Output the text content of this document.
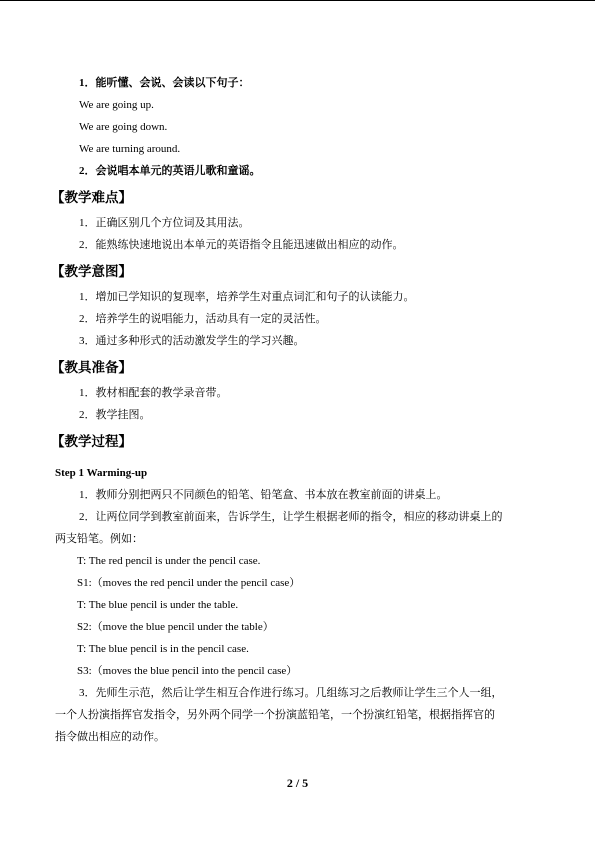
1．能听懂、会说、会读以下句子：
We are going up.
We are going down.
We are turning around.
2．会说唱本单元的英语儿歌和童谣。
【教学难点】
1．正确区别几个方位词及其用法。
2．能熟练快速地说出本单元的英语指令且能迅速做出相应的动作。
【教学意图】
1．增加已学知识的复现率，培养学生对重点词汇和句子的认读能力。
2．培养学生的说唱能力，活动具有一定的灵活性。
3．通过多种形式的活动激发学生的学习兴趣。
【教具准备】
1．教材相配套的教学录音带。
2．教学挂图。
【教学过程】
Step 1 Warming-up
1．教师分别把两只不同颜色的铅笔、铅笔盒、书本放在教室前面的讲桌上。
2．让两位同学到教室前面来，告诉学生，让学生根据老师的指令，相应的移动讲桌上的
两支铅笔。例如：
T: The red pencil is under the pencil case.
S1:（moves the red pencil under the pencil case）
T: The blue pencil is under the table.
S2:（move the blue pencil under the table）
T: The blue pencil is in the pencil case.
S3:（moves the blue pencil into the pencil case）
3．先师生示范，然后让学生相互合作进行练习。几组练习之后教师让学生三个人一组，
一个人扮演指挥官发指令，另外两个同学一个扮演蓝铅笔，一个扮演红铅笔，根据指挥官的
指令做出相应的动作。
2 / 5
